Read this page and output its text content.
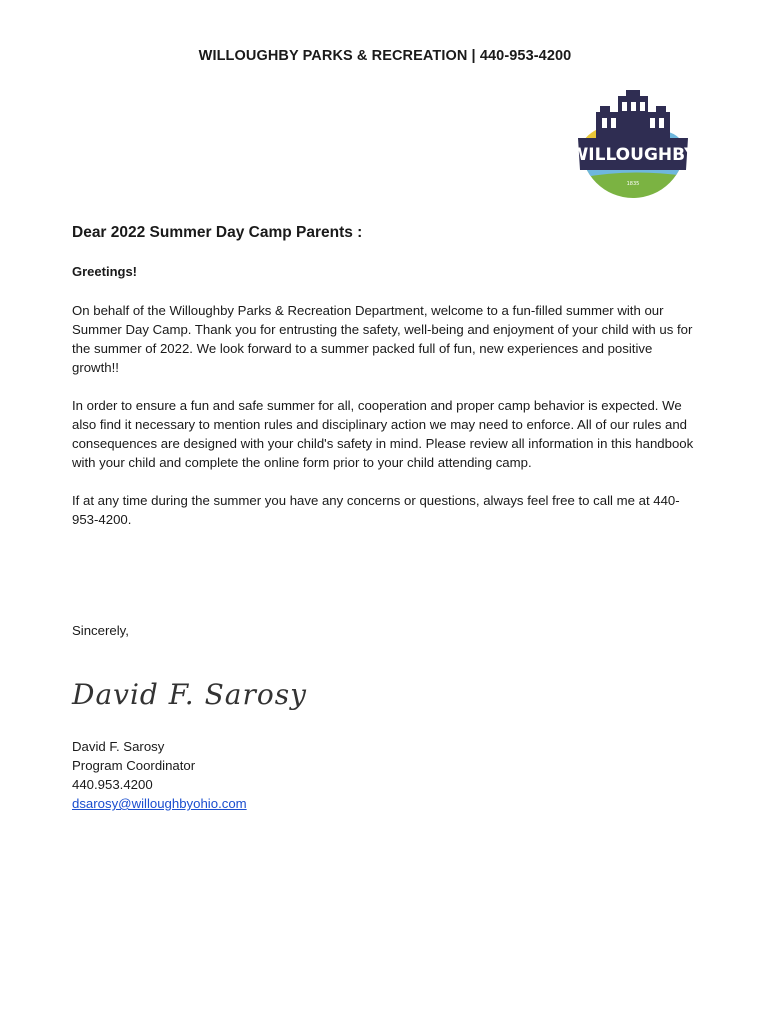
WILLOUGHBY PARKS & RECREATION | 440-953-4200
WILLOUGHBY
1835
Dear 2022 Summer Day Camp Parents :
Greetings!
On behalf of the Willoughby Parks & Recreation Department, welcome to a fun-filled summer with our Summer Day Camp. Thank you for entrusting the safety, well-being and enjoyment of your child with us for the summer of 2022. We look forward to a summer packed full of fun, new experiences and positive growth!!
In order to ensure a fun and safe summer for all, cooperation and proper camp behavior is expected. We also find it necessary to mention rules and disciplinary action we may need to enforce. All of our rules and consequences are designed with your child's safety in mind. Please review all information in this handbook with your child and complete the online form prior to your child attending camp.
If at any time during the summer you have any concerns or questions, always feel free to call me at 440-953-4200.
Sincerely,
David F. Sarosy
David F. Sarosy
Program Coordinator
440.953.4200
dsarosy@willoughbyohio.com
